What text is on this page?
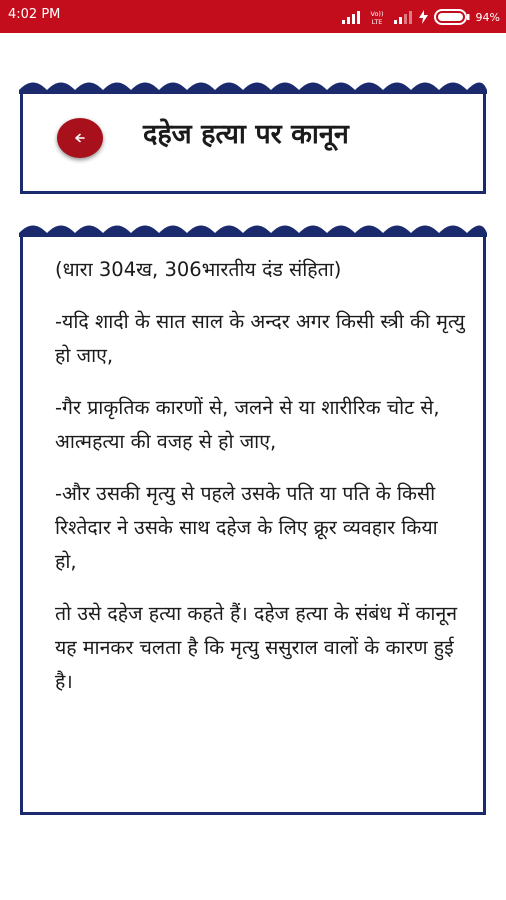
4:02 PM	Vo))
LTE	94%
दहेज हत्या पर कानून

(धारा 304ख, 306भारतीय दंड संहिता)

-यदि शादी के सात साल के अन्दर अगर किसी स्त्री की मृत्यु हो जाए,

-गैर प्राकृतिक कारणों से, जलने से या शारीरिक चोट से, आत्महत्या की वजह से हो जाए,

-और उसकी मृत्यु से पहले उसके पति या पति के किसी रिश्तेदार ने उसके साथ दहेज के लिए क्रूर व्यवहार किया हो,

तो उसे दहेज हत्या कहते हैं। दहेज हत्या के संबंध में कानून यह मानकर चलता है कि मृत्यु ससुराल वालों के कारण हुई है।
